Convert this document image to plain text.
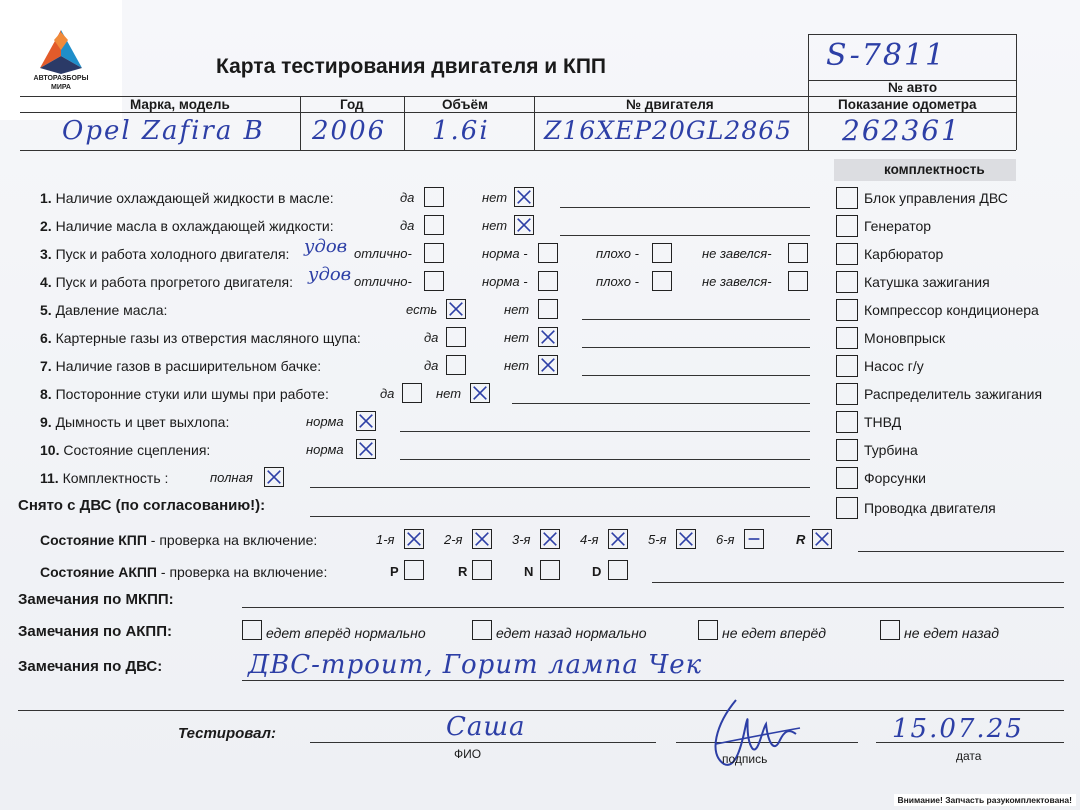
АВТОРАЗБОРЫ
МИРА
Карта тестирования двигателя и КПП	S-7811
№ авто
Марка, модель	Год	Объём	№ двигателя	Показание одометра
Opel Zafira B 2006 1.6i Z16XEP20GL2865 262361
комплектность
1. Наличие охлаждающей жидкости в масле:	да	нет
2. Наличие масла в охлаждающей жидкости:	да	нет
3. Пуск и работа холодного двигателя: удов отлично-	норма -	плохо -	не завелся-
4. Пуск и работа прогретого двигателя: удов отлично-	норма -	плохо -	не завелся-
5. Давление масла:	есть	нет
6. Картерные газы из отверстия масляного щупа:	да	нет
7. Наличие газов в расширительном бачке:	да	нет
8. Посторонние стуки или шумы при работе:	да	нет
9. Дымность и цвет выхлопа:	норма
10. Состояние сцепления:	норма
11. Комплектность :	полная
Блок управления ДВС
Генератор
Карбюратор
Катушка зажигания
Компрессор кондиционера
Моновпрыск
Насос г/у
Распределитель зажигания
ТНВД
Турбина
Форсунки
Проводка двигателя
Снято с ДВС (по согласованию!):
Состояние КПП - проверка на включение:	1-я	2-я	3-я	4-я	5-я	6-я	R
Состояние АКПП - проверка на включение:	P	R	N	D
Замечания по МКПП:
Замечания по АКПП:	едет вперёд нормально	едет назад нормально	не едет вперёд	не едет назад
Замечания по ДВС:	ДВС-троит, Горит лампа Чек
Тестировал:	Саша
ФИО	подпись
15.07.25
дата
Внимание! Запчасть разукомплектована!
